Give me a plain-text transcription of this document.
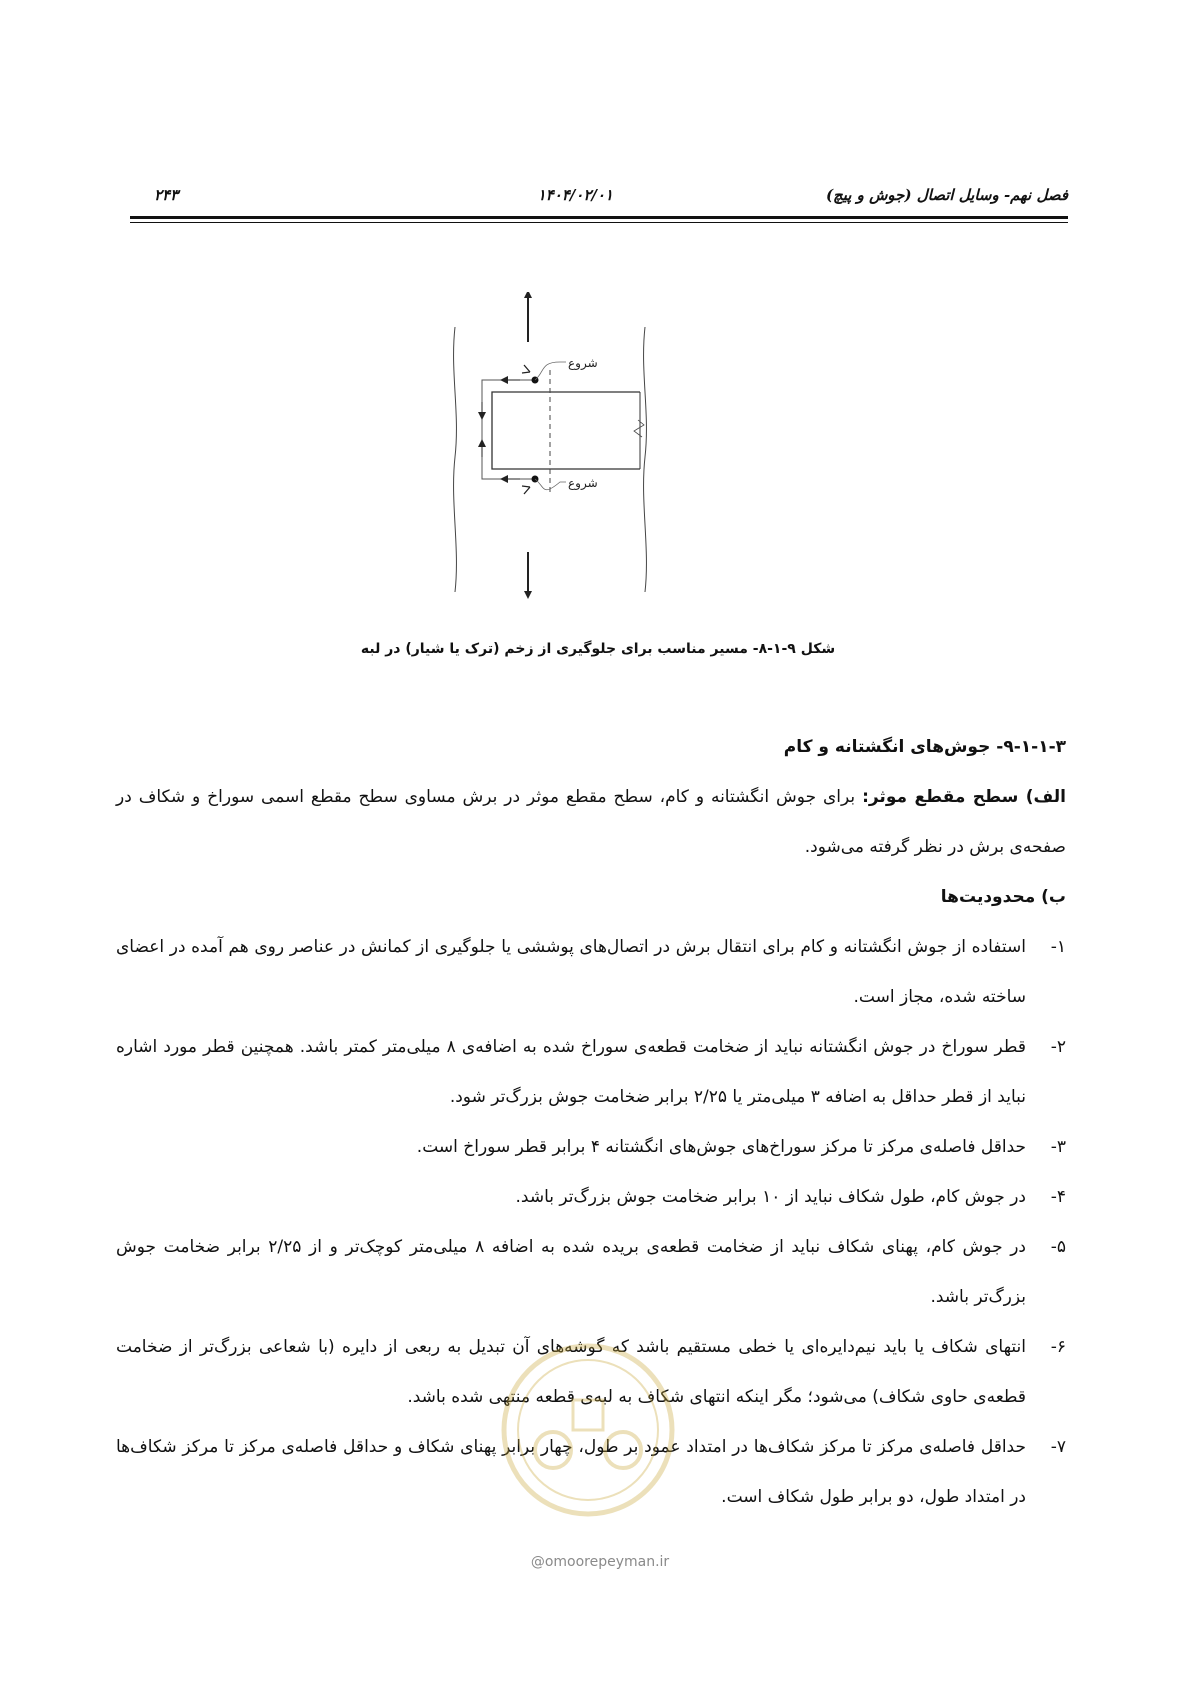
فصل نهم- وسایل اتصال (جوش و پیچ)
۱۴۰۴/۰۲/۰۱
۲۴۳
شروع
شروع
شکل ۹-۱-۸- مسیر مناسب برای جلوگیری از زخم (ترک یا شیار) در لبه

۹-۱-۱-۳- جوش‌های انگشتانه و کام

الف) سطح مقطع موثر: برای جوش انگشتانه و کام، سطح مقطع موثر در برش مساوی سطح مقطع اسمی سوراخ و شکاف در صفحه‌ی برش در نظر گرفته می‌شود.

ب) محدودیت‌ها

۱-
استفاده از جوش انگشتانه و کام برای انتقال برش در اتصال‌های پوششی یا جلوگیری از کمانش در عناصر روی هم آمده در اعضای ساخته شده، مجاز است.
۲-
قطر سوراخ در جوش انگشتانه نباید از ضخامت قطعه‌ی سوراخ شده به اضافه‌ی ۸ میلی‌متر کمتر باشد. همچنین قطر مورد اشاره نباید از قطر حداقل به اضافه ۳ میلی‌متر یا ۲/۲۵ برابر ضخامت جوش بزرگ‌تر شود.
۳-
حداقل فاصله‌ی مرکز تا مرکز سوراخ‌های جوش‌های انگشتانه ۴ برابر قطر سوراخ است.
۴-
در جوش کام، طول شکاف نباید از ۱۰ برابر ضخامت جوش بزرگ‌تر باشد.
۵-
در جوش کام، پهنای شکاف نباید از ضخامت قطعه‌ی بریده شده به اضافه ۸ میلی‌متر کوچک‌تر و از ۲/۲۵ برابر ضخامت جوش بزرگ‌تر باشد.
۶-
انتهای شکاف یا باید نیم‌دایره‌ای یا خطی مستقیم باشد که گوشه‌های آن تبدیل به ربعی از دایره (با شعاعی بزرگ‌تر از ضخامت قطعه‌ی حاوی شکاف) می‌شود؛ مگر اینکه انتهای شکاف به لبه‌ی قطعه منتهی شده باشد.
۷-
حداقل فاصله‌ی مرکز تا مرکز شکاف‌ها در امتداد عمود بر طول، چهار برابر پهنای شکاف و حداقل فاصله‌ی مرکز تا مرکز شکاف‌ها در امتداد طول، دو برابر طول شکاف است.
@omoorepeyman.ir
